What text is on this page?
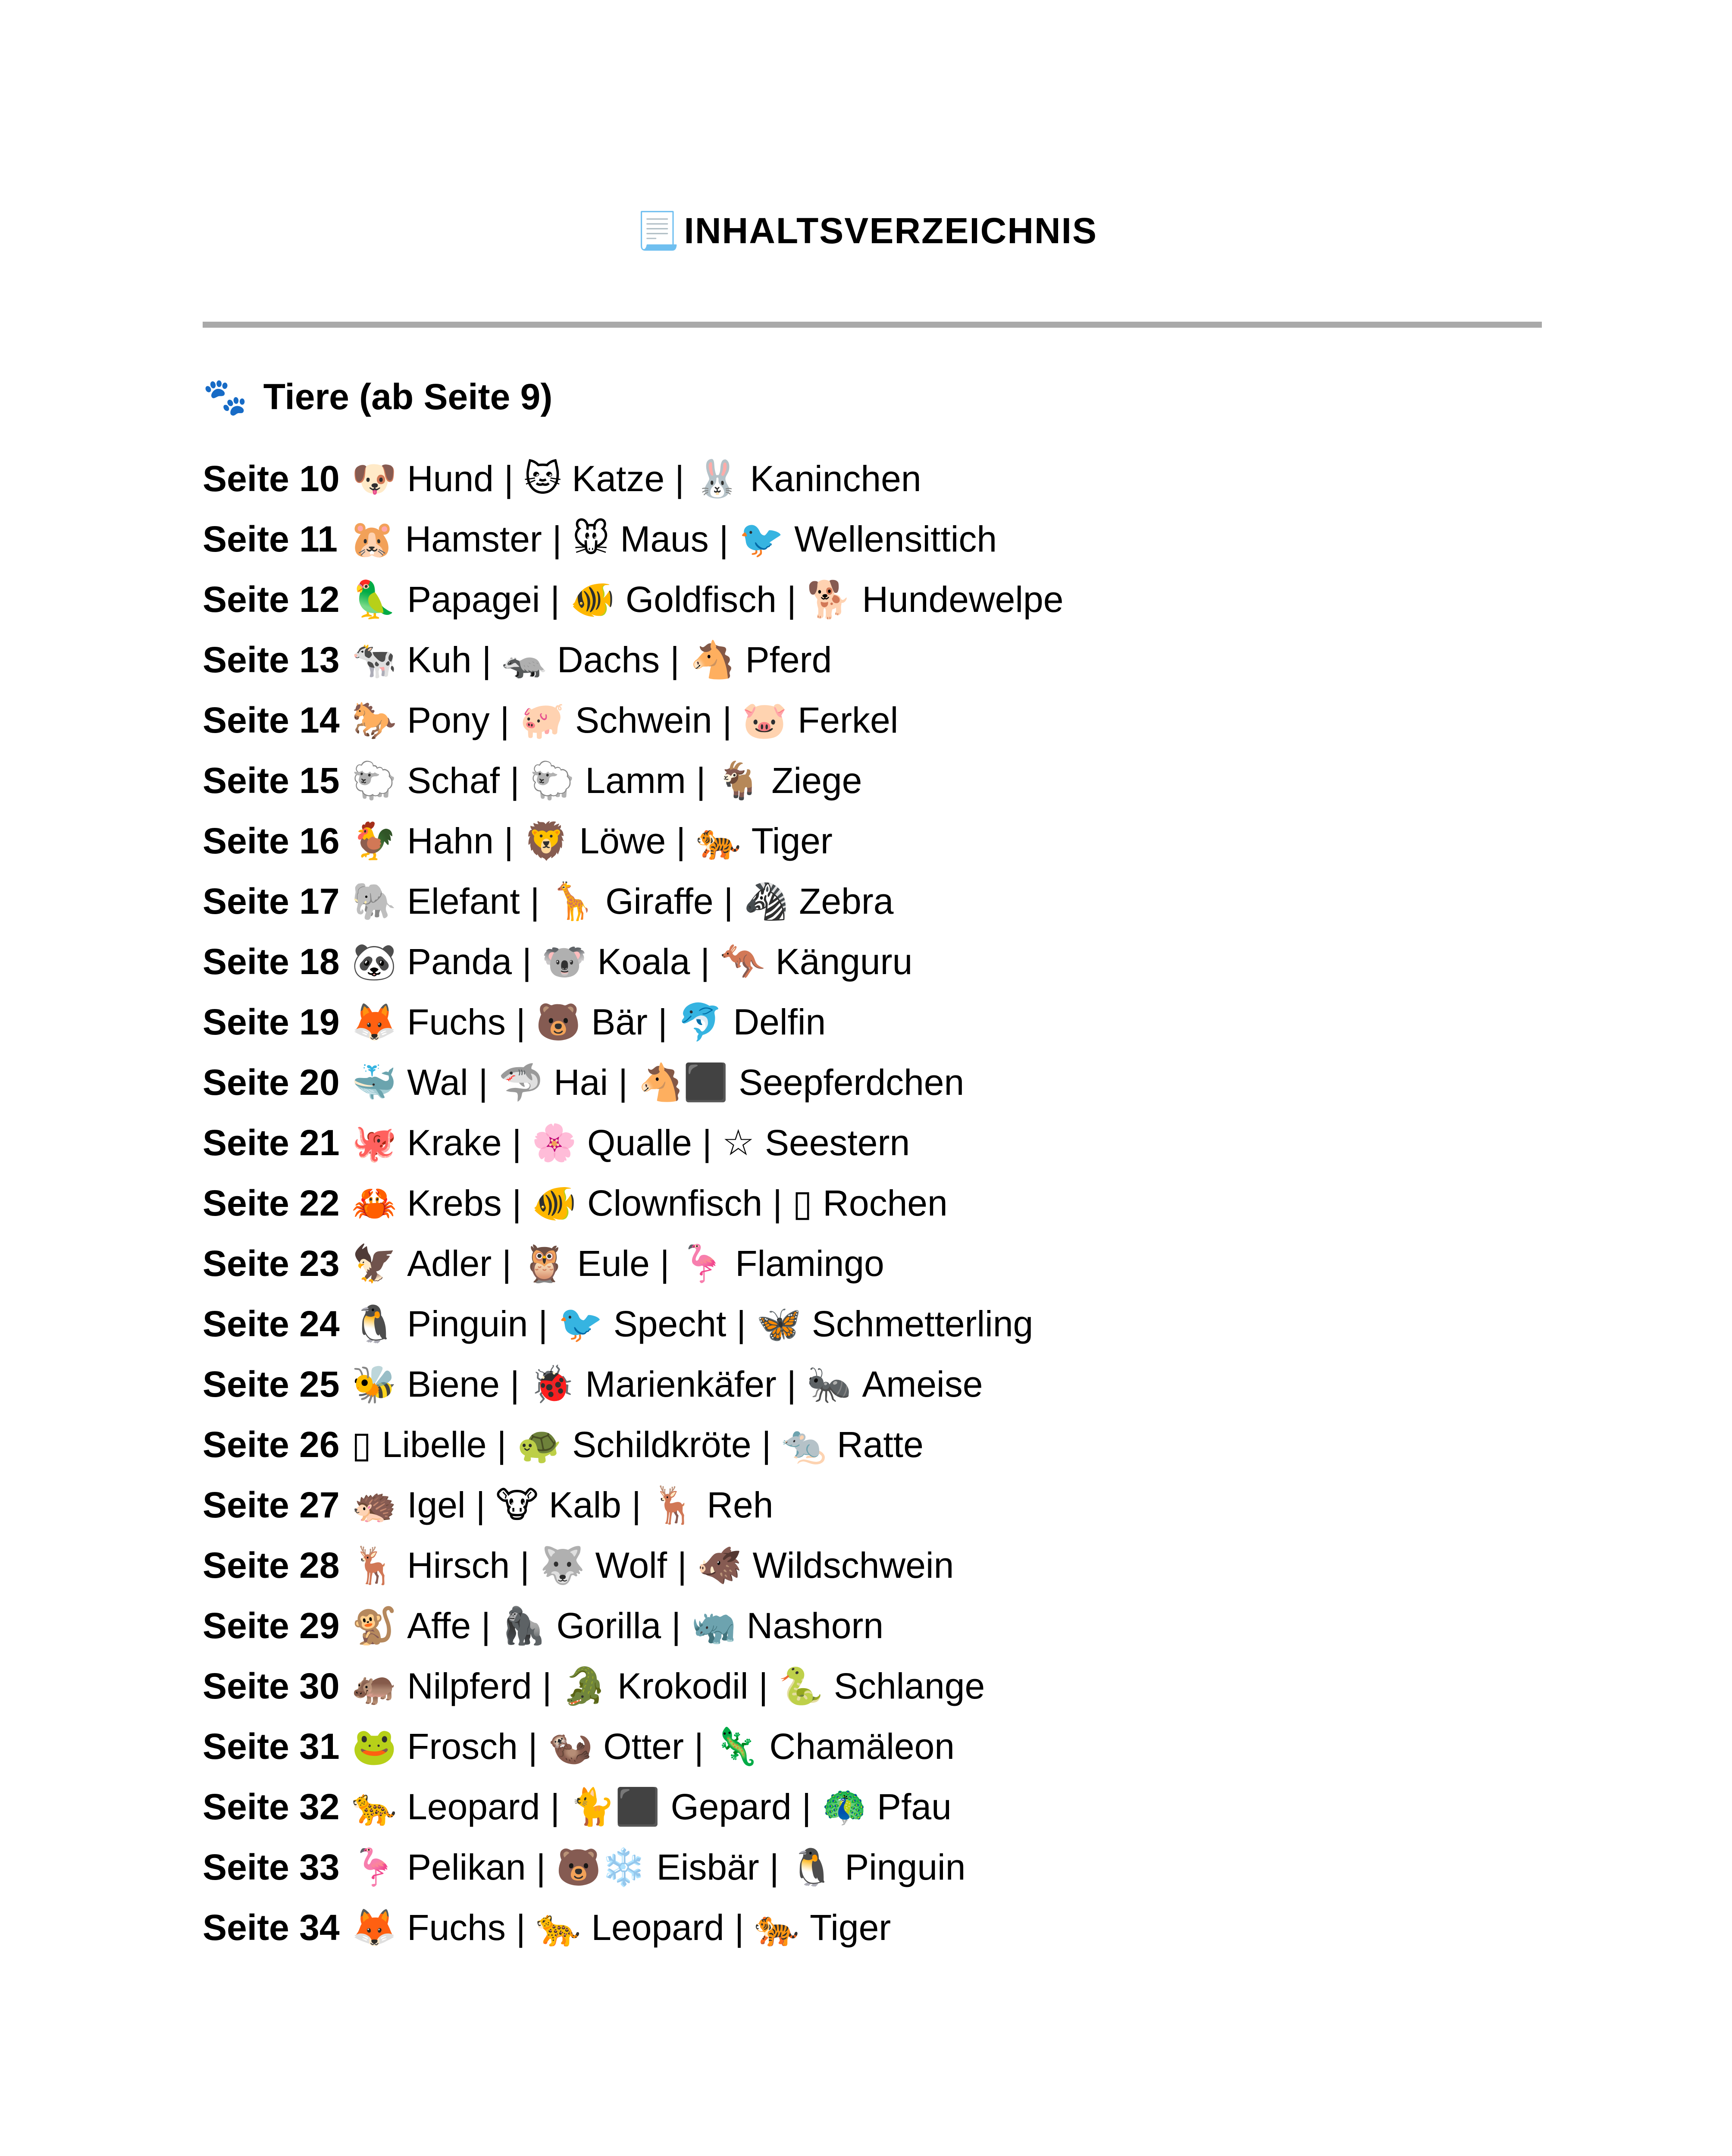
📃INHALTSVERZEICHNIS
🐾 Tiere (ab Seite 9)
Seite 10 🐶 Hund | 🐱 Katze | 🐰 Kaninchen
Seite 11 🐹 Hamster | 🐭 Maus | 🐦 Wellensittich
Seite 12 🦜 Papagei | 🐠 Goldfisch | 🐕 Hundewelpe
Seite 13 🐄 Kuh | 🦡 Dachs | 🐴 Pferd
Seite 14 🐎 Pony | 🐖 Schwein | 🐷 Ferkel
Seite 15 🐑 Schaf | 🐑 Lamm | 🐐 Ziege
Seite 16 🐓 Hahn | 🦁 Löwe | 🐅 Tiger
Seite 17 🐘 Elefant | 🦒 Giraffe | 🦓 Zebra
Seite 18 🐼 Panda | 🐨 Koala | 🦘 Känguru
Seite 19 🦊 Fuchs | 🐻 Bär | 🐬 Delfin
Seite 20 🐳 Wal | 🦈 Hai | 🐴⬛ Seepferdchen
Seite 21 🐙 Krake | 🌸 Qualle | ☆ Seestern
Seite 22 🦀 Krebs | 🐠 Clownfisch | ▯ Rochen
Seite 23 🦅 Adler | 🦉 Eule | 🦩 Flamingo
Seite 24 🐧 Pinguin | 🐦 Specht | 🦋 Schmetterling
Seite 25 🐝 Biene | 🐞 Marienkäfer | 🐜 Ameise
Seite 26 ▯ Libelle | 🐢 Schildkröte | 🐀 Ratte
Seite 27 🦔 Igel | 🐮 Kalb | 🦌 Reh
Seite 28 🦌 Hirsch | 🐺 Wolf | 🐗 Wildschwein
Seite 29 🐒 Affe | 🦍 Gorilla | 🦏 Nashorn
Seite 30 🦛 Nilpferd | 🐊 Krokodil | 🐍 Schlange
Seite 31 🐸 Frosch | 🦦 Otter | 🦎 Chamäleon
Seite 32 🐆 Leopard | 🐈⬛ Gepard | 🦚 Pfau
Seite 33 🦩 Pelikan | 🐻❄️ Eisbär | 🐧 Pinguin
Seite 34 🦊 Fuchs | 🐆 Leopard | 🐅 Tiger
